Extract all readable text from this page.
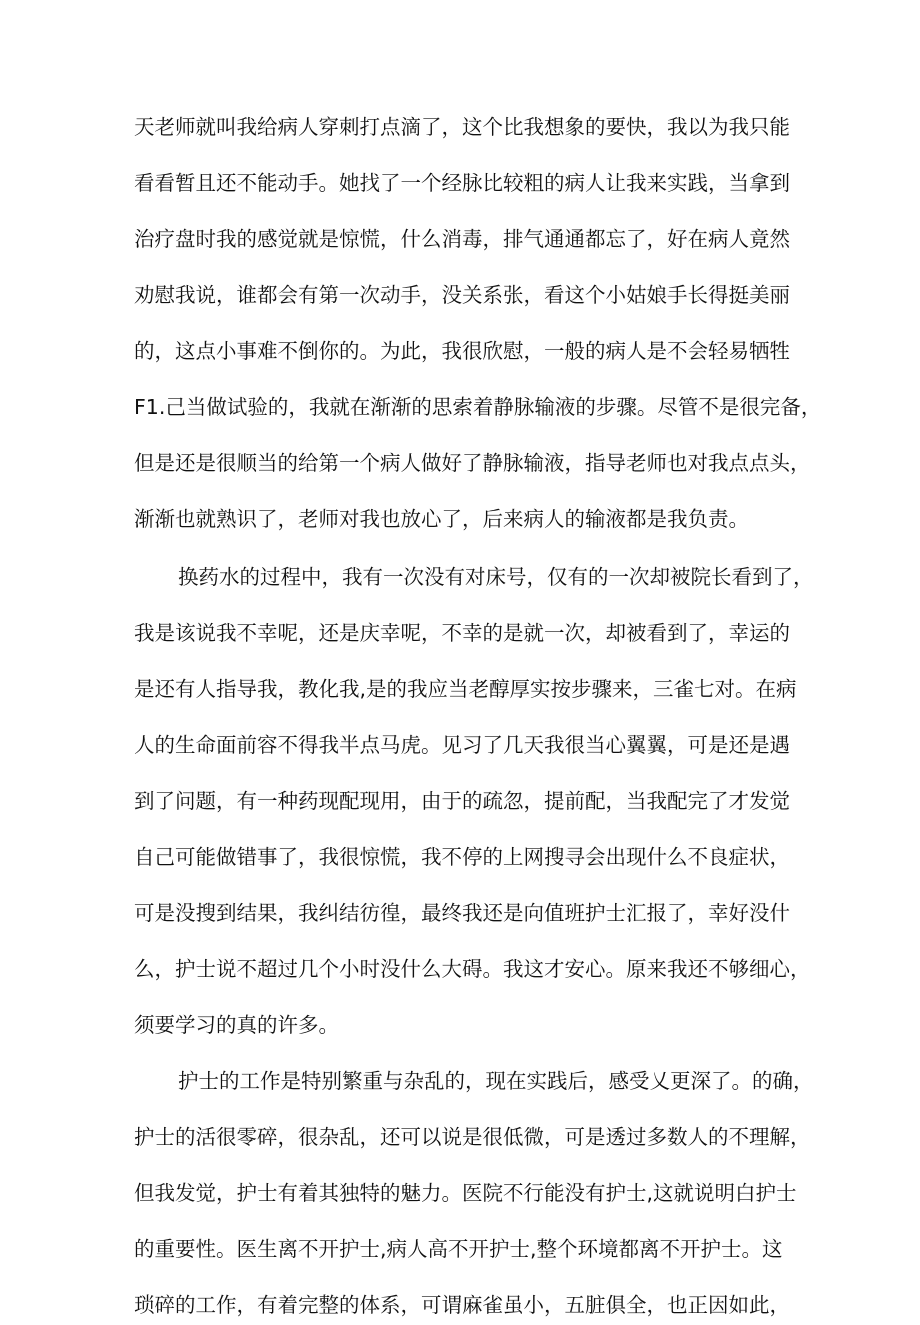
天老师就叫我给病人穿刺打点滴了，这个比我想象的要快，我以为我只能
看看暂且还不能动手。她找了一个经脉比较粗的病人让我来实践，当拿到
治疗盘时我的感觉就是惊慌，什么消毒，排气通通都忘了，好在病人竟然
劝慰我说，谁都会有第一次动手，没关系张，看这个小姑娘手长得挺美丽
的，这点小事难不倒你的。为此，我很欣慰，一般的病人是不会轻易牺牲
F1.己当做试验的，我就在渐渐的思索着静脉输液的步骤。尽管不是很完备，
但是还是很顺当的给第一个病人做好了静脉输液，指导老师也对我点点头，
渐渐也就熟识了，老师对我也放心了，后来病人的输液都是我负责。
换药水的过程中，我有一次没有对床号，仅有的一次却被院长看到了，
我是该说我不幸呢，还是庆幸呢，不幸的是就一次，却被看到了，幸运的
是还有人指导我，教化我,是的我应当老醇厚实按步骤来，三雀七对。在病
人的生命面前容不得我半点马虎。见习了几天我很当心翼翼，可是还是遇
到了问题，有一种药现配现用，由于的疏忽，提前配，当我配完了才发觉
自己可能做错事了，我很惊慌，我不停的上网搜寻会出现什么不良症状，
可是没搜到结果，我纠结彷徨，最终我还是向值班护士汇报了，幸好没什
么，护士说不超过几个小时没什么大碍。我这才安心。原来我还不够细心，
须要学习的真的许多。
护士的工作是特别繁重与杂乱的，现在实践后，感受乂更深了。的确，
护士的活很零碎，很杂乱，还可以说是很低微，可是透过多数人的不理解，
但我发觉，护士有着其独特的魅力。医院不行能没有护士,这就说明白护士
的重要性。医生离不开护士,病人高不开护士,整个环境都离不开护士。这
琐碎的工作，有着完整的体系，可谓麻雀虽小，五脏俱全，也正因如此，
